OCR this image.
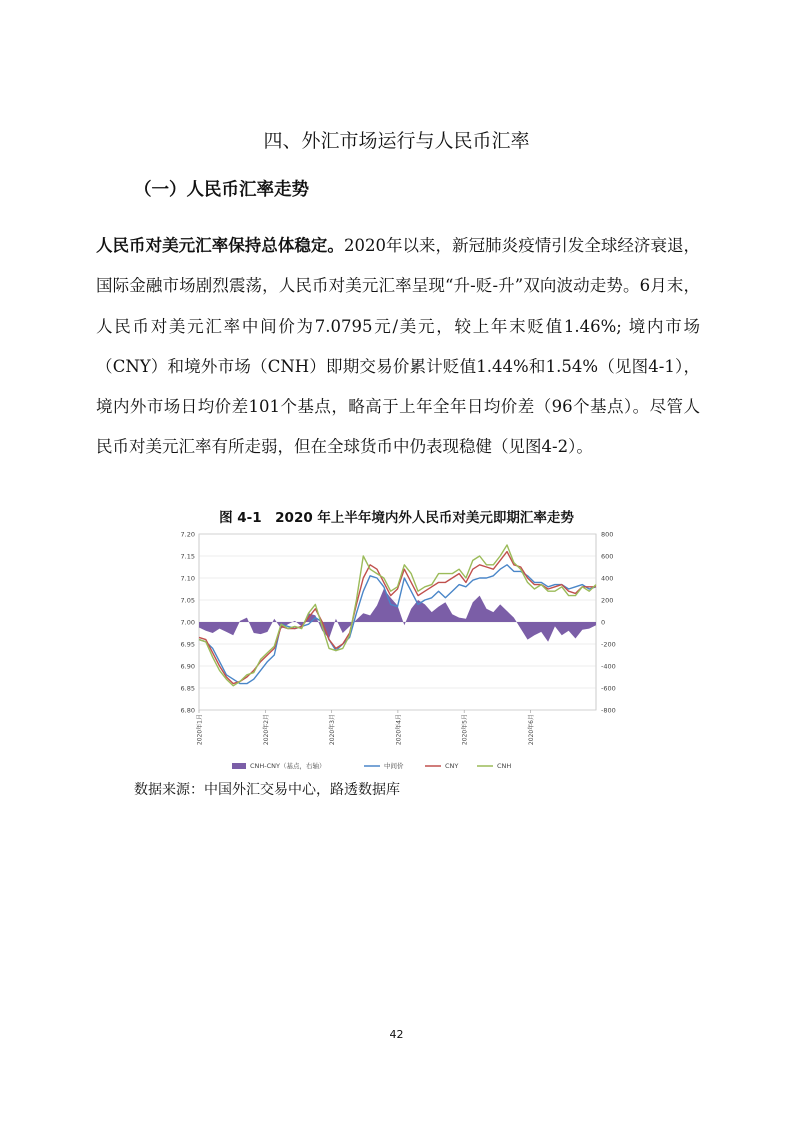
四、外汇市场运行与人民币汇率
（一）人民币汇率走势

人民币对美元汇率保持总体稳定。2020年以来，新冠肺炎疫情引发全球经济衰退，国际金融市场剧烈震荡，人民币对美元汇率呈现“升-贬-升”双向波动走势。6月末，人民币对美元汇率中间价为7.0795元/美元，较上年末贬值1.46%; 境内市场（CNY）和境外市场（CNH）即期交易价累计贬值1.44%和1.54%（见图4-1），境内外市场日均价差101个基点，略高于上年全年日均价差（96个基点）。尽管人民币对美元汇率有所走弱，但在全球货币中仍表现稳健（见图4-2）。

图 4-1　2020 年上半年境内外人民币对美元即期汇率走势
6.80
6.85
6.90
6.95
7.00
7.05
7.10
7.15
7.20
-800
-600
-400
-200
0
200
400
600
800
2020年1月	2020年2月	2020年3月	2020年4月	2020年5月	2020年6月
CNH-CNY（基点，右轴）	中间价	CNY	CNH
数据来源：中国外汇交易中心，路透数据库
42
